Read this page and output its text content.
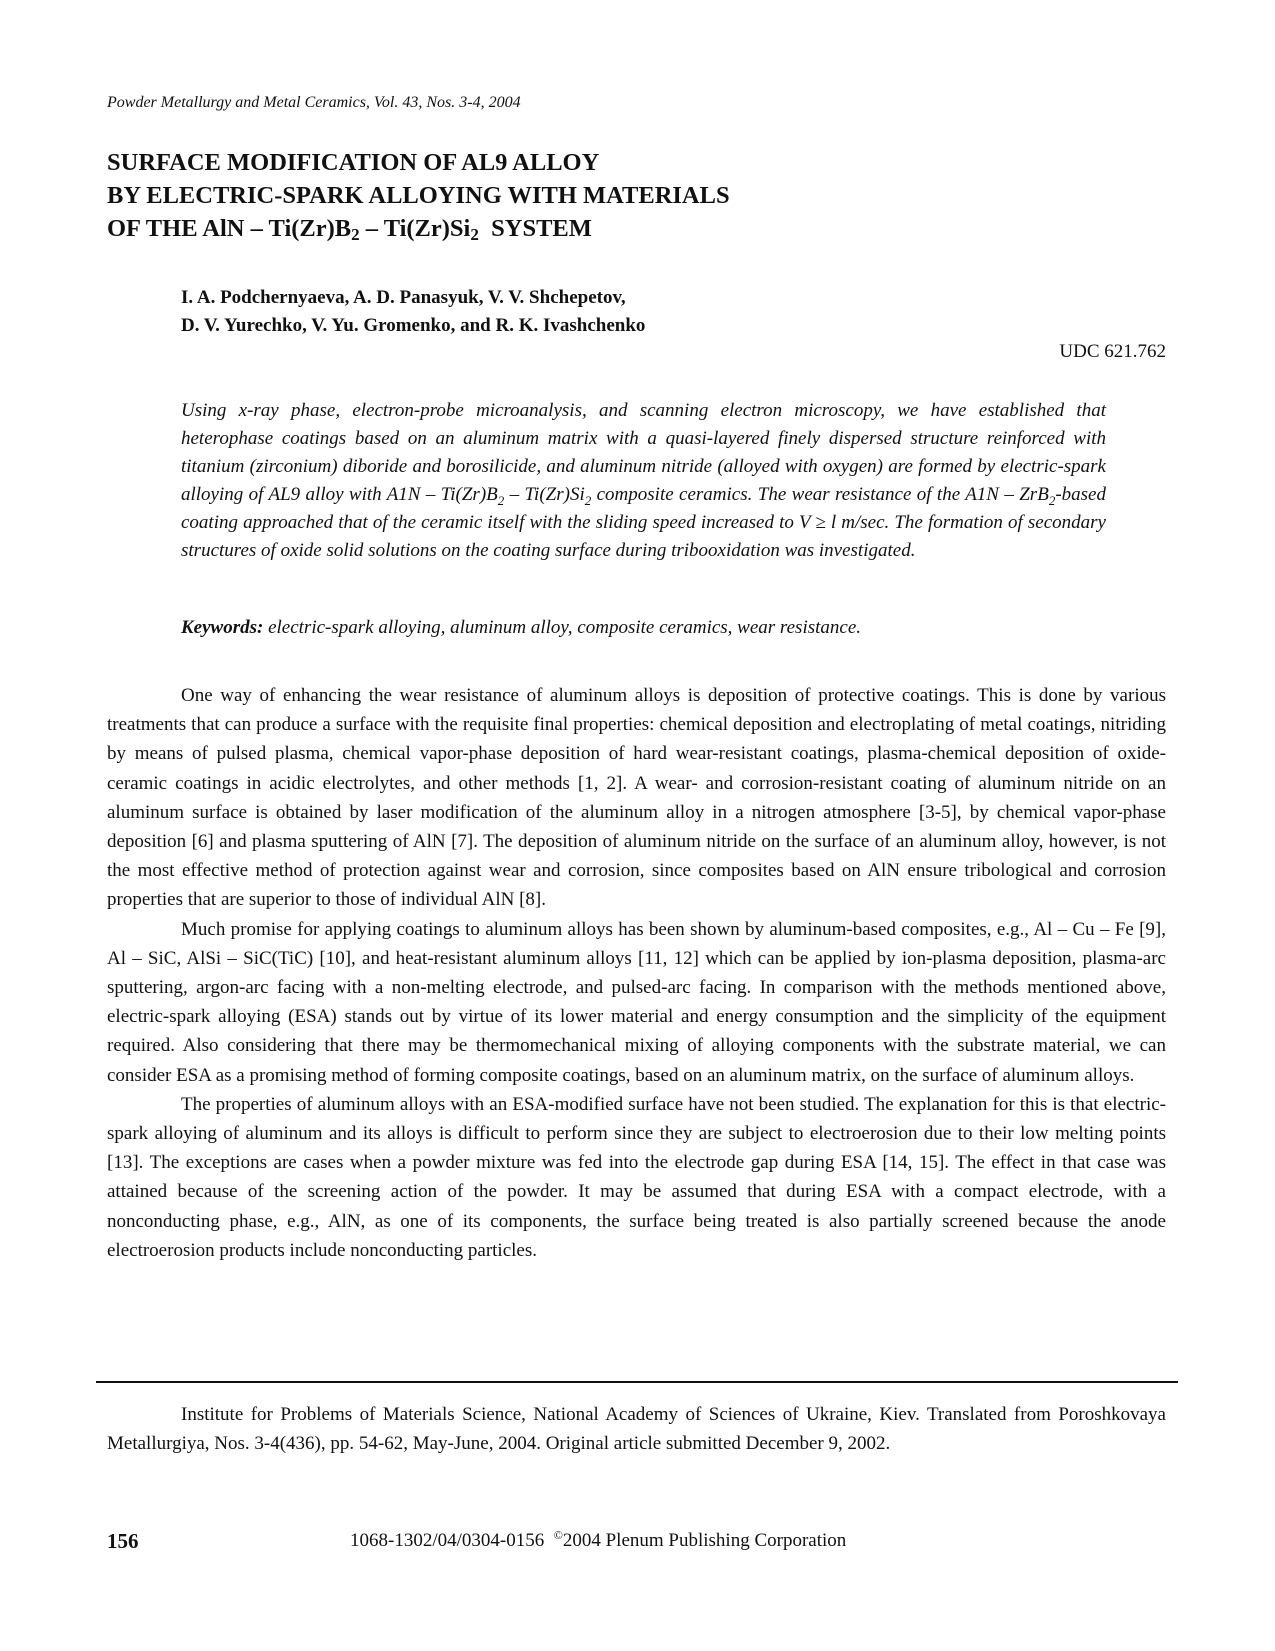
Powder Metallurgy and Metal Ceramics, Vol. 43, Nos. 3-4, 2004
SURFACE MODIFICATION OF AL9 ALLOY
BY ELECTRIC-SPARK ALLOYING WITH MATERIALS
OF THE AlN – $Ti(Zr)B_2 - Ti(Zr)Si_2$  SYSTEM
I. A. Podchernyaeva, A. D. Panasyuk, V. V. Shchepetov,
D. V. Yurechko, V. Yu. Gromenko, and R. K. Ivashchenko
UDC 621.762

Using x-ray phase, electron-probe microanalysis, and scanning electron microscopy, we have established that heterophase coatings based on an aluminum matrix with a quasi-layered finely dispersed structure reinforced with titanium (zirconium) diboride and borosilicide, and aluminum nitride (alloyed with oxygen) are formed by electric-spark alloying of AL9 alloy with $A1N - Ti(Zr)B_2 - Ti(Zr)Si_2$ composite ceramics. The wear resistance of the A1N – ZrB$_2$-based coating approached that of the ceramic itself with the sliding speed increased to V ≥ l m/sec. The formation of secondary structures of oxide solid solutions on the coating surface during tribooxidation was investigated.

Keywords: electric-spark alloying, aluminum alloy, composite ceramics, wear resistance.

One way of enhancing the wear resistance of aluminum alloys is deposition of protective coatings. This is done by various treatments that can produce a surface with the requisite final properties: chemical deposition and electroplating of metal coatings, nitriding by means of pulsed plasma, chemical vapor-phase deposition of hard wear-resistant coatings, plasma-chemical deposition of oxide-ceramic coatings in acidic electrolytes, and other methods [1, 2]. A wear- and corrosion-resistant coating of aluminum nitride on an aluminum surface is obtained by laser modification of the aluminum alloy in a nitrogen atmosphere [3-5], by chemical vapor-phase deposition [6] and plasma sputtering of AlN [7]. The deposition of aluminum nitride on the surface of an aluminum alloy, however, is not the most effective method of protection against wear and corrosion, since composites based on AlN ensure tribological and corrosion properties that are superior to those of individual AlN [8].

Much promise for applying coatings to aluminum alloys has been shown by aluminum-based composites, e.g., Al – Cu – Fe [9], Al – SiC, AlSi – SiC(TiC) [10], and heat-resistant aluminum alloys [11, 12] which can be applied by ion-plasma deposition, plasma-arc sputtering, argon-arc facing with a non-melting electrode, and pulsed-arc facing. In comparison with the methods mentioned above, electric-spark alloying (ESA) stands out by virtue of its lower material and energy consumption and the simplicity of the equipment required. Also considering that there may be thermomechanical mixing of alloying components with the substrate material, we can consider ESA as a promising method of forming composite coatings, based on an aluminum matrix, on the surface of aluminum alloys.

The properties of aluminum alloys with an ESA-modified surface have not been studied. The explanation for this is that electric-spark alloying of aluminum and its alloys is difficult to perform since they are subject to electroerosion due to their low melting points [13]. The exceptions are cases when a powder mixture was fed into the electrode gap during ESA [14, 15]. The effect in that case was attained because of the screening action of the powder. It may be assumed that during ESA with a compact electrode, with a nonconducting phase, e.g., AlN, as one of its components, the surface being treated is also partially screened because the anode electroerosion products include nonconducting particles.

Institute for Problems of Materials Science, National Academy of Sciences of Ukraine, Kiev. Translated from Poroshkovaya Metallurgiya, Nos. 3-4(436), pp. 54-62, May-June, 2004. Original article submitted December 9, 2002.

156	1068-1302/04/0304-0156  ©2004 Plenum Publishing Corporation
